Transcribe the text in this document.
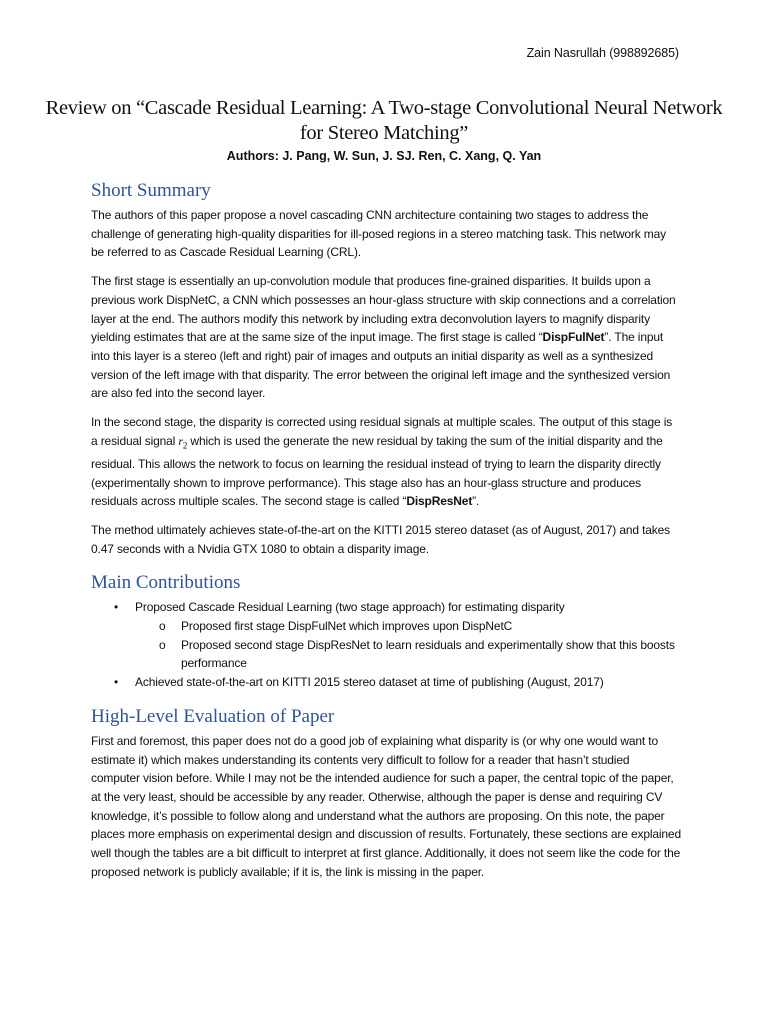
Zain Nasrullah (998892685)
Review on “Cascade Residual Learning: A Two-stage Convolutional Neural Network for Stereo Matching”
Authors: J. Pang, W. Sun, J. SJ. Ren, C. Xang, Q. Yan
Short Summary

The authors of this paper propose a novel cascading CNN architecture containing two stages to address the challenge of generating high-quality disparities for ill-posed regions in a stereo matching task. This network may be referred to as Cascade Residual Learning (CRL).

The first stage is essentially an up-convolution module that produces fine-grained disparities. It builds upon a previous work DispNetC, a CNN which possesses an hour-glass structure with skip connections and a correlation layer at the end. The authors modify this network by including extra deconvolution layers to magnify disparity yielding estimates that are at the same size of the input image. The first stage is called “DispFulNet”. The input into this layer is a stereo (left and right) pair of images and outputs an initial disparity as well as a synthesized version of the left image with that disparity. The error between the original left image and the synthesized version are also fed into the second layer.

In the second stage, the disparity is corrected using residual signals at multiple scales. The output of this stage is a residual signal $r_2$ which is used the generate the new residual by taking the sum of the initial disparity and the residual. This allows the network to focus on learning the residual instead of trying to learn the disparity directly (experimentally shown to improve performance). This stage also has an hour-glass structure and produces residuals across multiple scales. The second stage is called “DispResNet”.

The method ultimately achieves state-of-the-art on the KITTI 2015 stereo dataset (as of August, 2017) and takes 0.47 seconds with a Nvidia GTX 1080 to obtain a disparity image.

Main Contributions
• Proposed Cascade Residual Learning (two stage approach) for estimating disparity
o Proposed first stage DispFulNet which improves upon DispNetC
o Proposed second stage DispResNet to learn residuals and experimentally show that this boosts performance
• Achieved state-of-the-art on KITTI 2015 stereo dataset at time of publishing (August, 2017)
High-Level Evaluation of Paper

First and foremost, this paper does not do a good job of explaining what disparity is (or why one would want to estimate it) which makes understanding its contents very difficult to follow for a reader that hasn’t studied computer vision before. While I may not be the intended audience for such a paper, the central topic of the paper, at the very least, should be accessible by any reader. Otherwise, although the paper is dense and requiring CV knowledge, it’s possible to follow along and understand what the authors are proposing. On this note, the paper places more emphasis on experimental design and discussion of results. Fortunately, these sections are explained well though the tables are a bit difficult to interpret at first glance. Additionally, it does not seem like the code for the proposed network is publicly available; if it is, the link is missing in the paper.
